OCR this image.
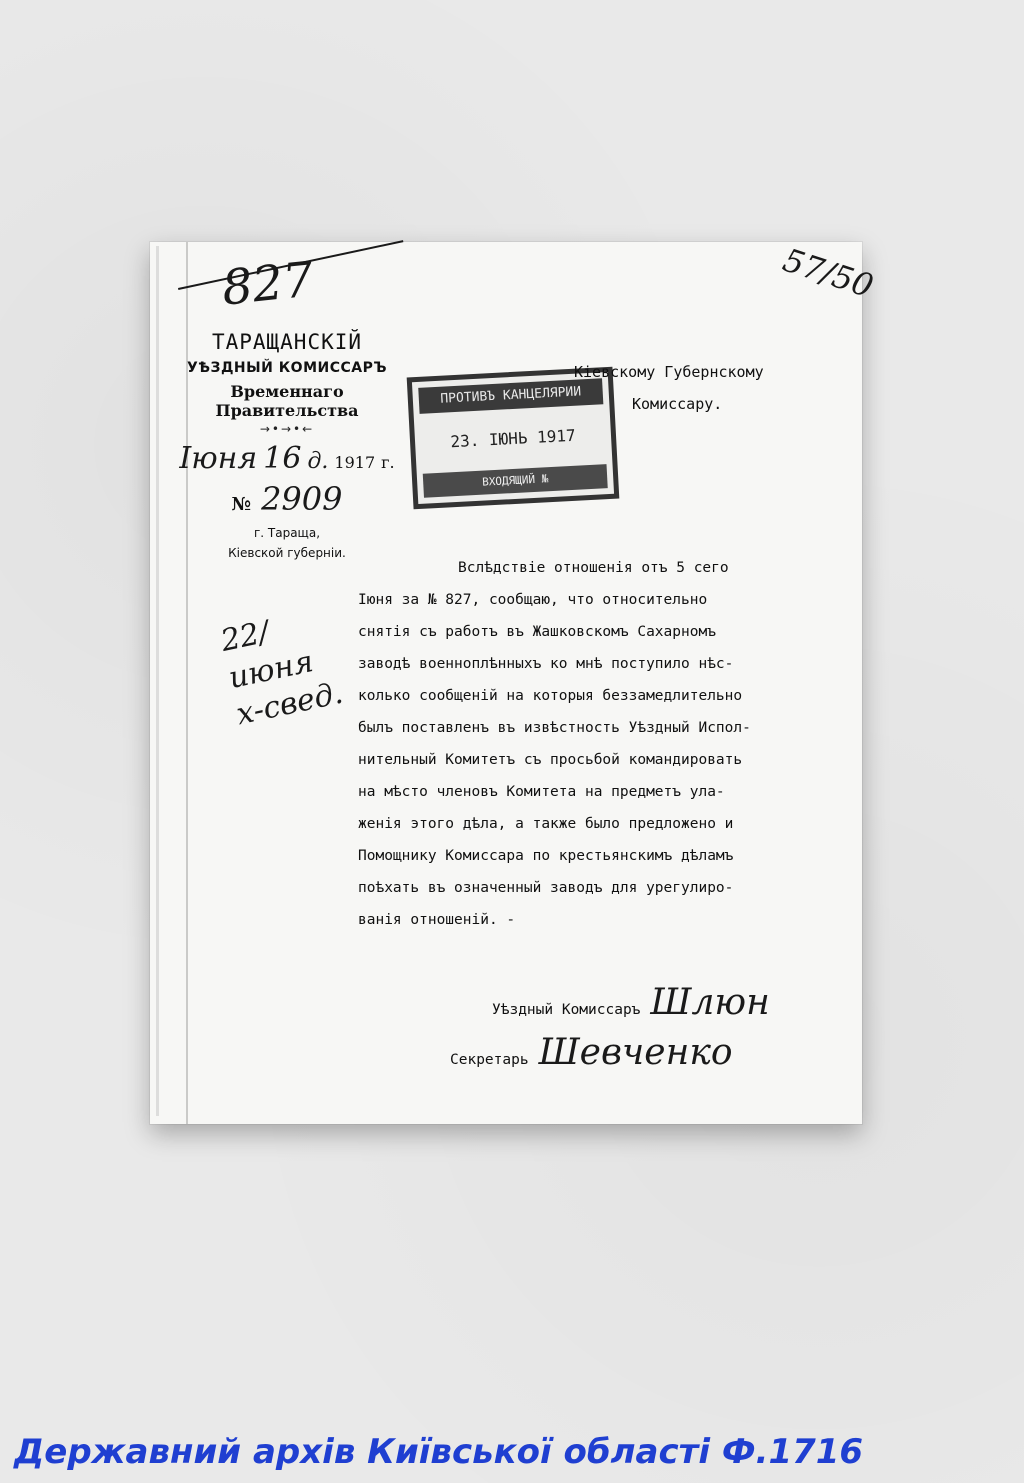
827	57/50
ТАРАЩАНСКIЙ
УѢЗДНЫЙ КОМИССАРЪ
Временнаго Правительства
→•→•←
Iюня 16 д. 1917 г.
№ 2909
г. Тараща,
Кіевской губерніи.
22/июня х-свед.
ПРОТИВЪ КАНЦЕЛЯРИИ
23. ІЮНЬ 1917
ВХОДЯЩИЙ №
Кіевскому Губернскому
Комиссару.
Вслѣдствіе отношенія отъ 5 сего
Iюня за № 827, сообщаю, что относительно
снятія съ работъ въ Жашковскомъ Сахарномъ
заводѣ военноплѣнныхъ ко мнѣ поступило нѣс-
колько сообщеній на которыя беззамедлительно
былъ поставленъ въ извѣстность Уѣздный Испол-
нительный Комитетъ съ просьбой командировать
на мѣсто членовъ Комитета на предметъ ула-
женія этого дѣла, а также было предложено и
Помощнику Комиссара по крестьянскимъ дѣламъ
поѣхать въ означенный заводъ для урегулиро-
ванія отношеній. -
Уѣздный Комиссаръ Шлюн
Секретарь Шевченко
Державний архів Київської області Ф.1716
